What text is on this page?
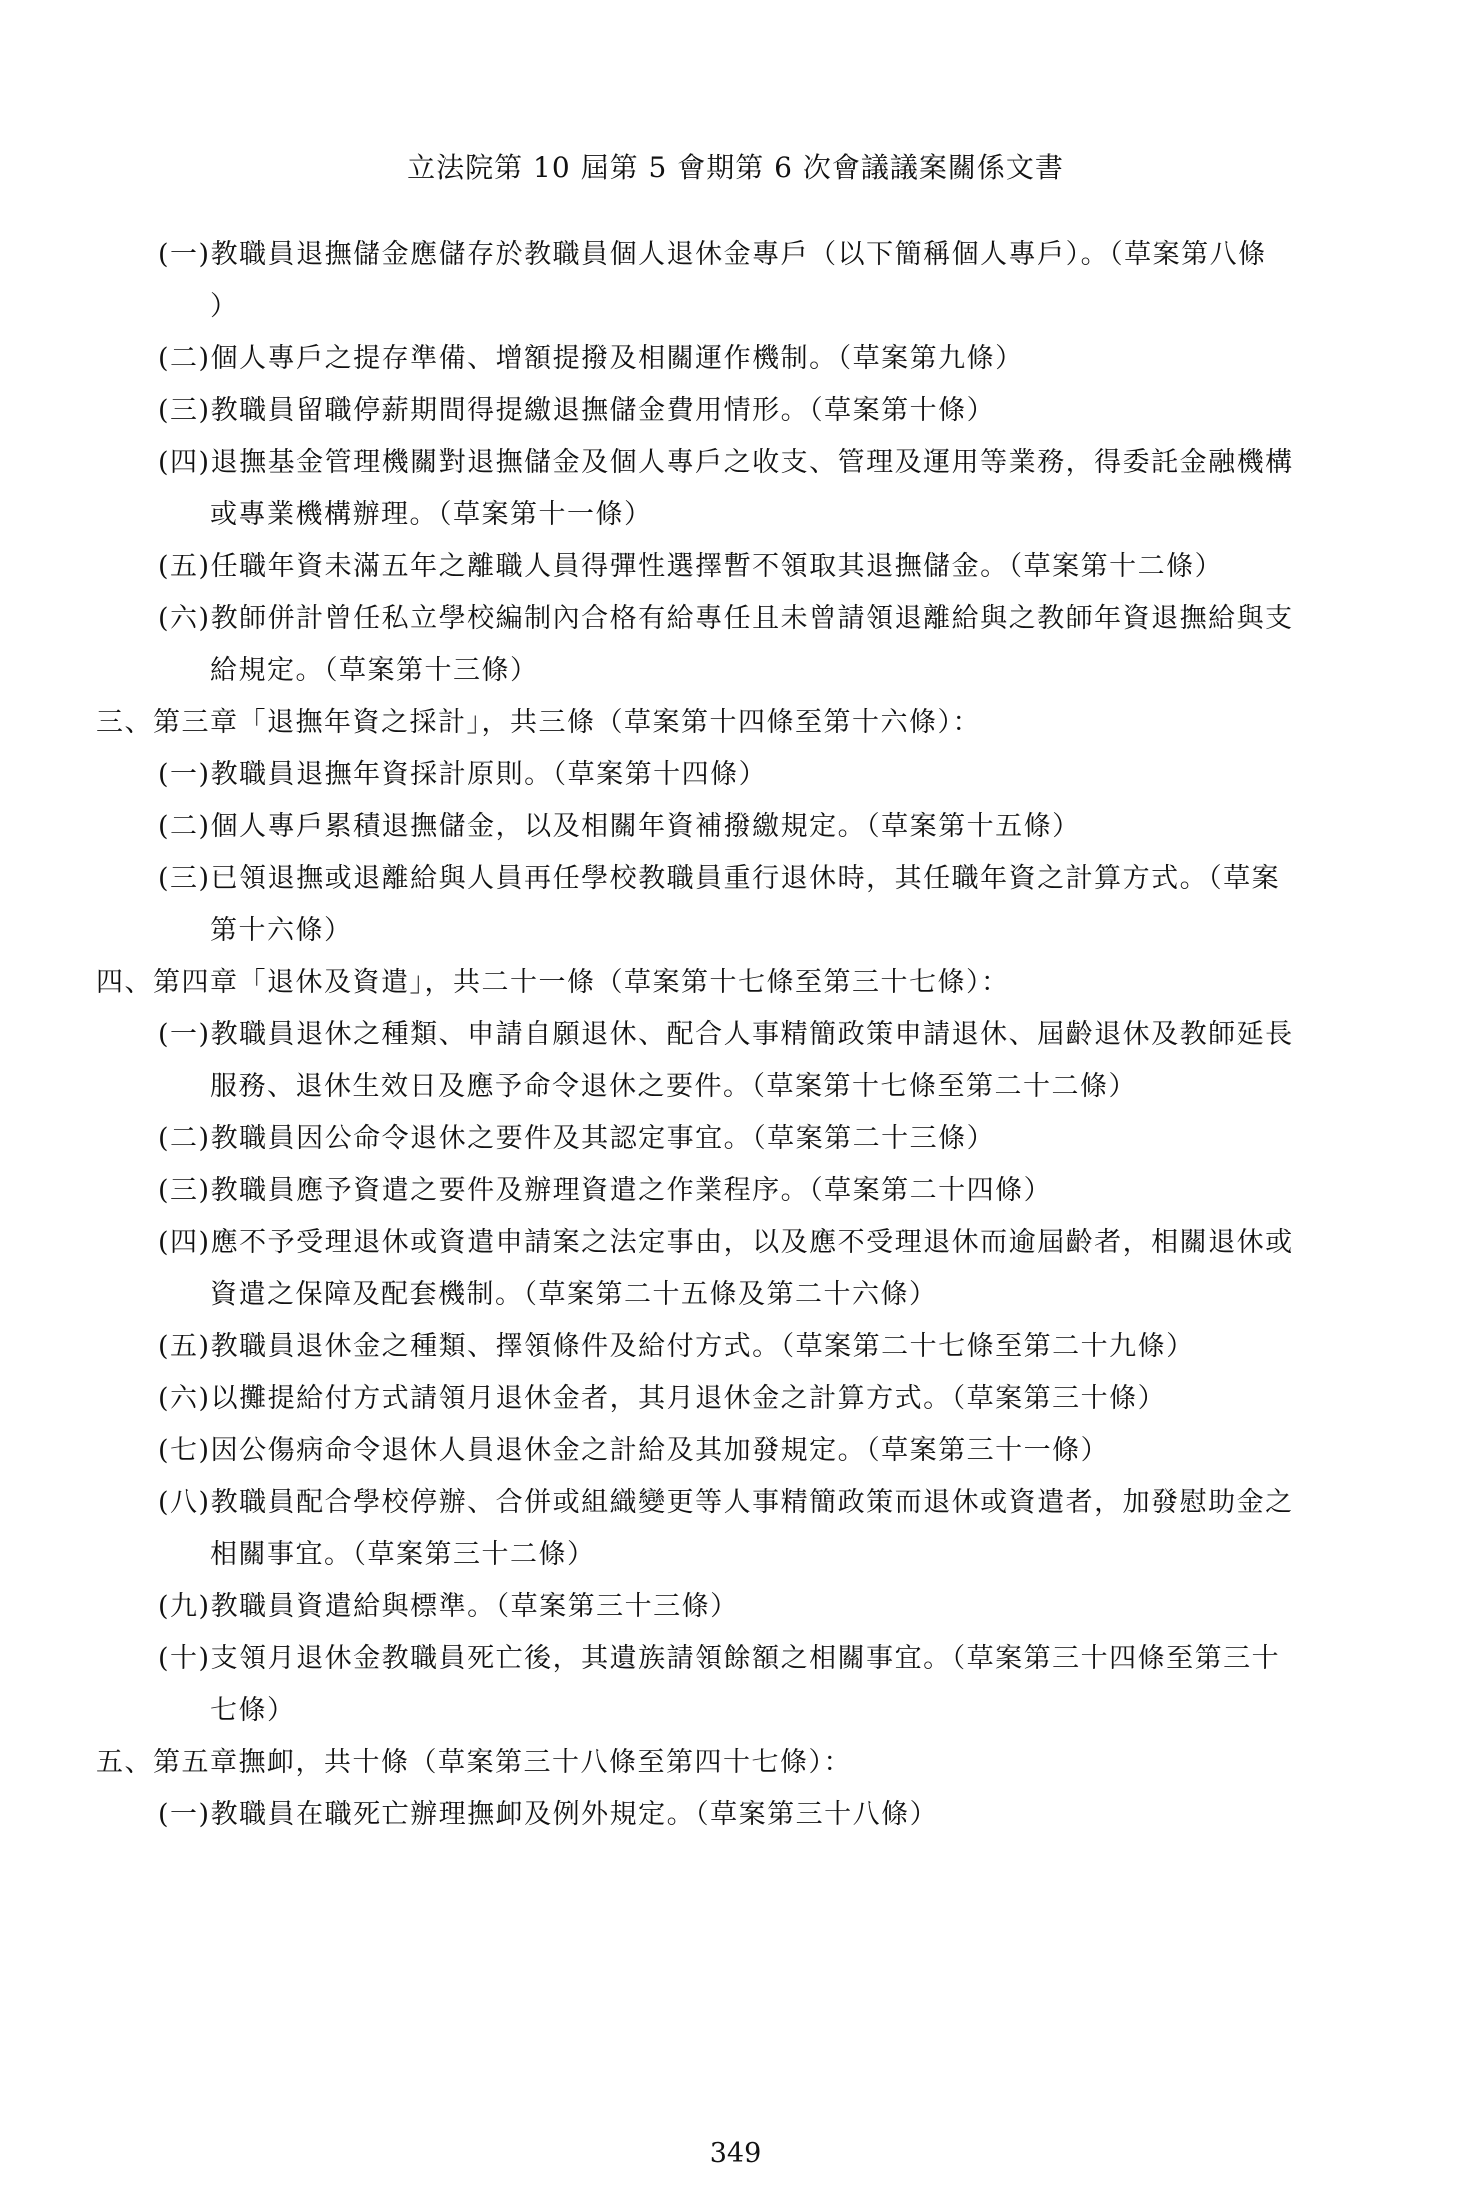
立法院第 10 屆第 5 會期第 6 次會議議案關係文書
(一)教職員退撫儲金應儲存於教職員個人退休金專戶（以下簡稱個人專戶）。（草案第八條
）
(二)個人專戶之提存準備、增額提撥及相關運作機制。（草案第九條）
(三)教職員留職停薪期間得提繳退撫儲金費用情形。（草案第十條）
(四)退撫基金管理機關對退撫儲金及個人專戶之收支、管理及運用等業務，得委託金融機構
或專業機構辦理。（草案第十一條）
(五)任職年資未滿五年之離職人員得彈性選擇暫不領取其退撫儲金。（草案第十二條）
(六)教師併計曾任私立學校編制內合格有給專任且未曾請領退離給與之教師年資退撫給與支
給規定。（草案第十三條）
三、第三章「退撫年資之採計」，共三條（草案第十四條至第十六條）：
(一)教職員退撫年資採計原則。（草案第十四條）
(二)個人專戶累積退撫儲金，以及相關年資補撥繳規定。（草案第十五條）
(三)已領退撫或退離給與人員再任學校教職員重行退休時，其任職年資之計算方式。（草案
第十六條）
四、第四章「退休及資遣」，共二十一條（草案第十七條至第三十七條）：
(一)教職員退休之種類、申請自願退休、配合人事精簡政策申請退休、屆齡退休及教師延長
服務、退休生效日及應予命令退休之要件。（草案第十七條至第二十二條）
(二)教職員因公命令退休之要件及其認定事宜。（草案第二十三條）
(三)教職員應予資遣之要件及辦理資遣之作業程序。（草案第二十四條）
(四)應不予受理退休或資遣申請案之法定事由，以及應不受理退休而逾屆齡者，相關退休或
資遣之保障及配套機制。（草案第二十五條及第二十六條）
(五)教職員退休金之種類、擇領條件及給付方式。（草案第二十七條至第二十九條）
(六)以攤提給付方式請領月退休金者，其月退休金之計算方式。（草案第三十條）
(七)因公傷病命令退休人員退休金之計給及其加發規定。（草案第三十一條）
(八)教職員配合學校停辦、合併或組織變更等人事精簡政策而退休或資遣者，加發慰助金之
相關事宜。（草案第三十二條）
(九)教職員資遣給與標準。（草案第三十三條）
(十)支領月退休金教職員死亡後，其遺族請領餘額之相關事宜。（草案第三十四條至第三十
七條）
五、第五章撫卹，共十條（草案第三十八條至第四十七條）：
(一)教職員在職死亡辦理撫卹及例外規定。（草案第三十八條）
349
